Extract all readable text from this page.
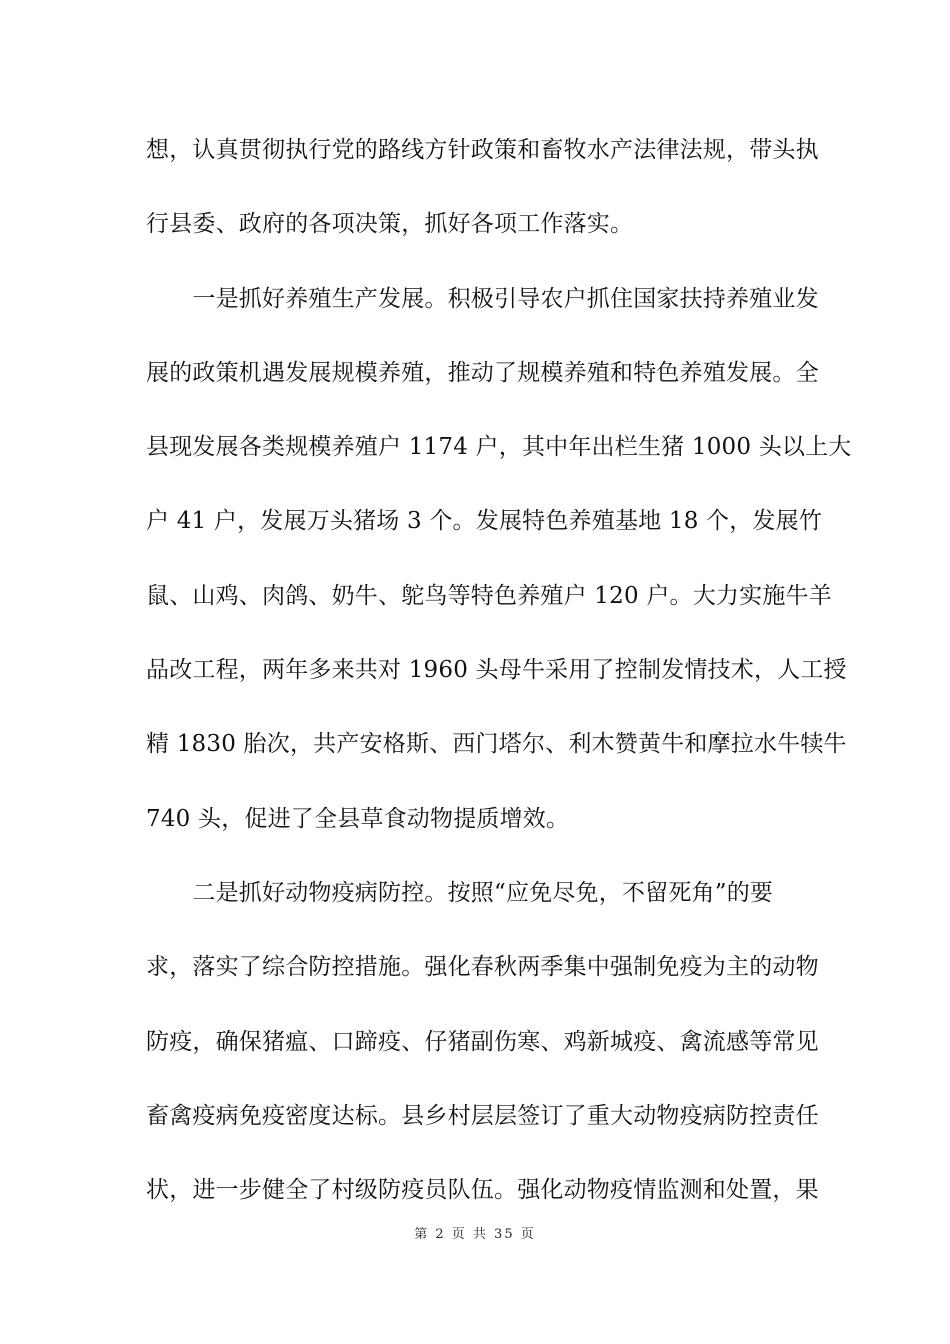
想，认真贯彻执行党的路线方针政策和畜牧水产法律法规，带头执
行县委、政府的各项决策，抓好各项工作落实。
　　一是抓好养殖生产发展。积极引导农户抓住国家扶持养殖业发
展的政策机遇发展规模养殖，推动了规模养殖和特色养殖发展。全
县现发展各类规模养殖户 1174 户，其中年出栏生猪 1000 头以上大
户 41 户，发展万头猪场 3 个。发展特色养殖基地 18 个，发展竹
鼠、山鸡、肉鸽、奶牛、鸵鸟等特色养殖户 120 户。大力实施牛羊
品改工程，两年多来共对 1960 头母牛采用了控制发情技术，人工授
精 1830 胎次，共产安格斯、西门塔尔、利木赞黄牛和摩拉水牛犊牛
740 头，促进了全县草食动物提质增效。
　　二是抓好动物疫病防控。按照“应免尽免，不留死角”的要
求，落实了综合防控措施。强化春秋两季集中强制免疫为主的动物
防疫，确保猪瘟、口蹄疫、仔猪副伤寒、鸡新城疫、禽流感等常见
畜禽疫病免疫密度达标。县乡村层层签订了重大动物疫病防控责任
状，进一步健全了村级防疫员队伍。强化动物疫情监测和处置，果
第 2 页 共 35 页
